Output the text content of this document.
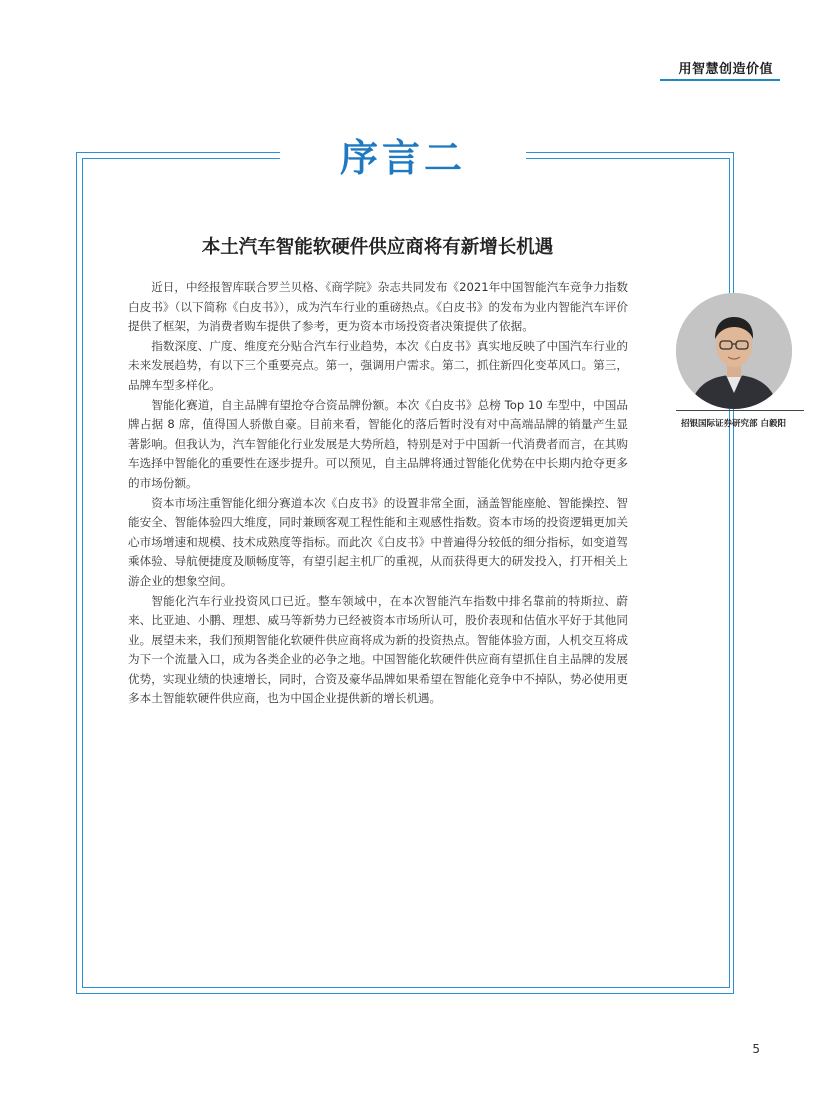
用智慧创造价值
序言二
本土汽车智能软硬件供应商将有新增长机遇

近日，中经报智库联合罗兰贝格、《商学院》杂志共同发布《2021年中国智能汽车竞争力指数白皮书》（以下简称《白皮书》），成为汽车行业的重磅热点。《白皮书》的发布为业内智能汽车评价提供了框架，为消费者购车提供了参考，更为资本市场投资者决策提供了依据。

指数深度、广度、维度充分贴合汽车行业趋势，本次《白皮书》真实地反映了中国汽车行业的未来发展趋势，有以下三个重要亮点。第一，强调用户需求。第二，抓住新四化变革风口。第三，品牌车型多样化。

智能化赛道，自主品牌有望抢夺合资品牌份额。本次《白皮书》总榜 Top 10 车型中，中国品牌占据 8 席，值得国人骄傲自豪。目前来看，智能化的落后暂时没有对中高端品牌的销量产生显著影响。但我认为，汽车智能化行业发展是大势所趋，特别是对于中国新一代消费者而言，在其购车选择中智能化的重要性在逐步提升。可以预见，自主品牌将通过智能化优势在中长期内抢夺更多的市场份额。

资本市场注重智能化细分赛道本次《白皮书》的设置非常全面，涵盖智能座舱、智能操控、智能安全、智能体验四大维度，同时兼顾客观工程性能和主观感性指数。资本市场的投资逻辑更加关心市场增速和规模、技术成熟度等指标。而此次《白皮书》中普遍得分较低的细分指标，如变道驾乘体验、导航便捷度及顺畅度等，有望引起主机厂的重视，从而获得更大的研发投入，打开相关上游企业的想象空间。

智能化汽车行业投资风口已近。整车领域中，在本次智能汽车指数中排名靠前的特斯拉、蔚来、比亚迪、小鹏、理想、威马等新势力已经被资本市场所认可，股价表现和估值水平好于其他同业。展望未来，我们预期智能化软硬件供应商将成为新的投资热点。智能体验方面，人机交互将成为下一个流量入口，成为各类企业的必争之地。中国智能化软硬件供应商有望抓住自主品牌的发展优势，实现业绩的快速增长，同时，合资及豪华品牌如果希望在智能化竞争中不掉队，势必使用更多本土智能软硬件供应商，也为中国企业提供新的增长机遇。

招银国际证券研究部 白毅阳
5
